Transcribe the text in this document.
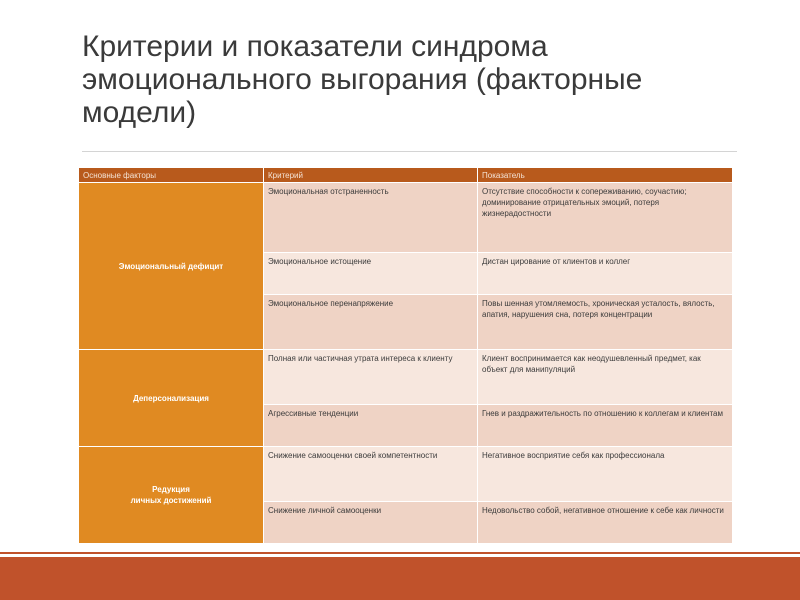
Критерии и показатели синдрома
эмоционального выгорания (факторные
модели)
Основные факторы	Критерий	Показатель
Эмоциональный дефицит	Эмоциональная отстраненность	Отсутствие способности к сопереживанию, соучастию; доминирование отрицательных эмоций, потеря жизнерадостности
	Эмоциональное истощение	Дистан цирование от клиентов и коллег
	Эмоциональное перенапряжение	Повы шенная утомляемость, хроническая усталость, вялость, апатия, нарушения сна, потеря концентрации
Деперсонализация	Полная или частичная утрата интереса к клиенту	Клиент воспринимается как неодушевленный предмет, как объект для манипуляций
	Агрессивные тенденции	Гнев и раздражительность по отношению к коллегам и клиентам

Редукция
личных достижений	Снижение самооценки своей компетентности	Негативное восприятие себя как профессионала
	Снижение личной самооценки	Недовольство собой, негативное отношение к себе как личности
